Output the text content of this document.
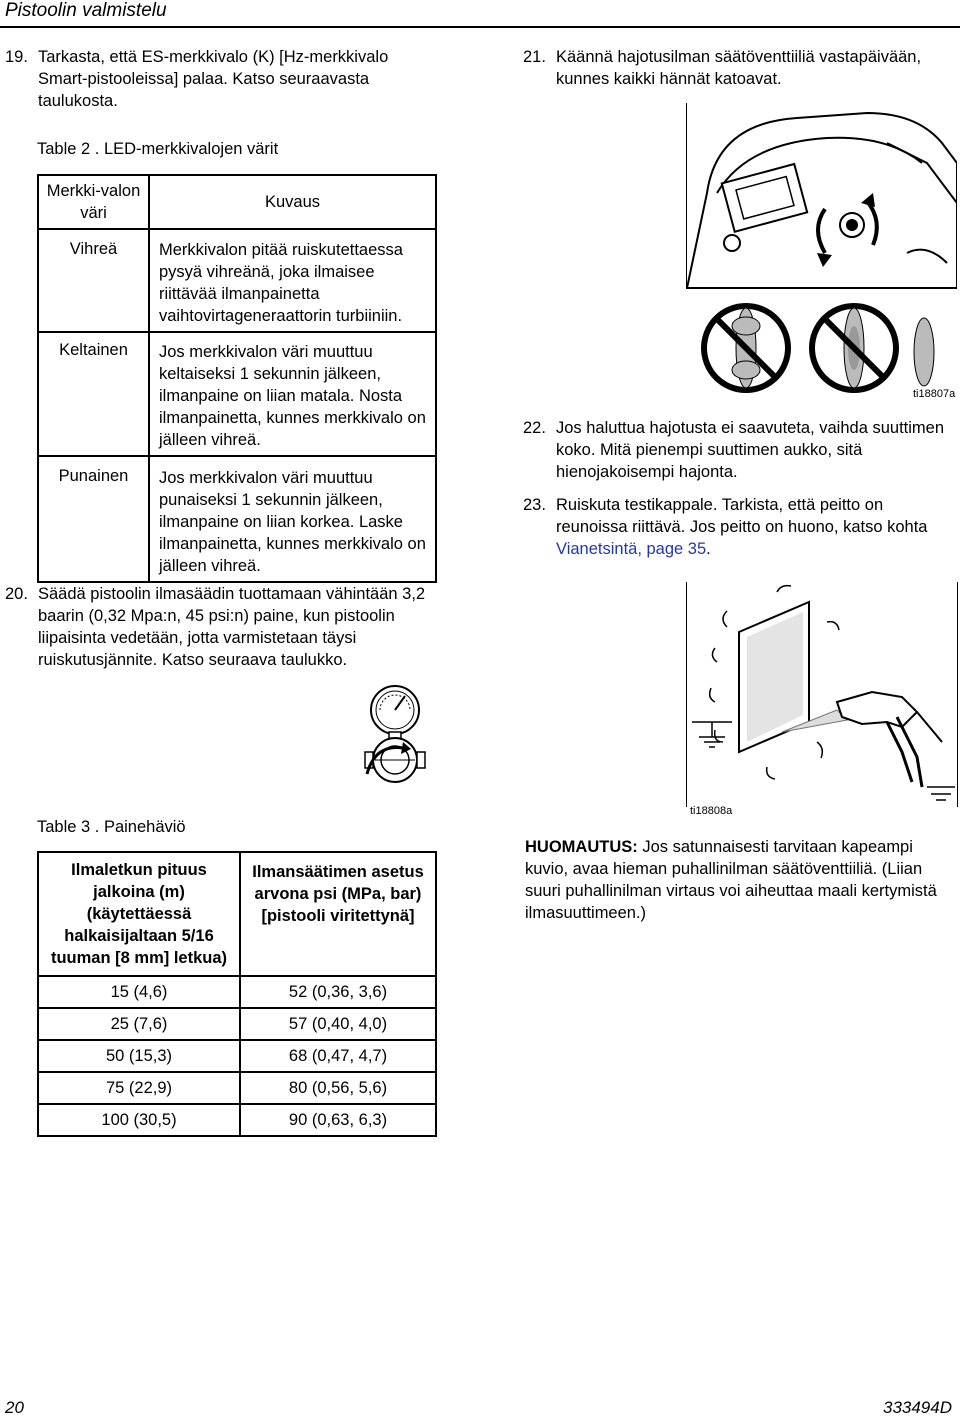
Pistoolin valmistelu
19. Tarkasta, että ES-merkkivalo (K) [Hz-merkkivalo Smart-pistooleissa] palaa. Katso seuraavasta taulukosta.
Table 2 . LED-merkkivalojen värit
Merkki-valon väri	Kuvaus
Vihreä	Merkkivalon pitää ruiskutettaessa pysyä vihreänä, joka ilmaisee riittävää ilmanpainetta vaihtovirtageneraattorin turbiiniin.
Keltainen	Jos merkkivalon väri muuttuu keltaiseksi 1 sekunnin jälkeen, ilmanpaine on liian matala. Nosta ilmanpainetta, kunnes merkkivalo on jälleen vihreä.
Punainen	Jos merkkivalon väri muuttuu punaiseksi 1 sekunnin jälkeen, ilmanpaine on liian korkea. Laske ilmanpainetta, kunnes merkkivalo on jälleen vihreä.
20. Säädä pistoolin ilmasäädin tuottamaan vähintään 3,2 baarin (0,32 Mpa:n, 45 psi:n) paine, kun pistoolin liipaisinta vedetään, jotta varmistetaan täysi ruiskutusjännite. Katso seuraava taulukko.
Table 3 . Painehäviö
Ilmaletkun pituus jalkoina (m) (käytettäessä halkaisijaltaan 5/16 tuuman [8 mm] letkua)	Ilmansäätimen asetus arvona psi (MPa, bar) [pistooli viritettynä]
15 (4,6)	52 (0,36, 3,6)
25 (7,6)	57 (0,40, 4,0)
50 (15,3)	68 (0,47, 4,7)
75 (22,9)	80 (0,56, 5,6)
100 (30,5)	90 (0,63, 6,3)
21. Käännä hajotusilman säätöventtiiliä vastapäivään, kunnes kaikki hännät katoavat.
ti18807a
22. Jos haluttua hajotusta ei saavuteta, vaihda suuttimen koko. Mitä pienempi suuttimen aukko, sitä hienojakoisempi hajonta.
23. Ruiskuta testikappale. Tarkista, että peitto on reunoissa riittävä. Jos peitto on huono, katso kohta Vianetsintä, page 35.
ti18808a
HUOMAUTUS: Jos satunnaisesti tarvitaan kapeampi kuvio, avaa hieman puhallinilman säätöventtiiliä. (Liian suuri puhallinilman virtaus voi aiheuttaa maali kertymistä ilmasuuttimeen.)
20	333494D
